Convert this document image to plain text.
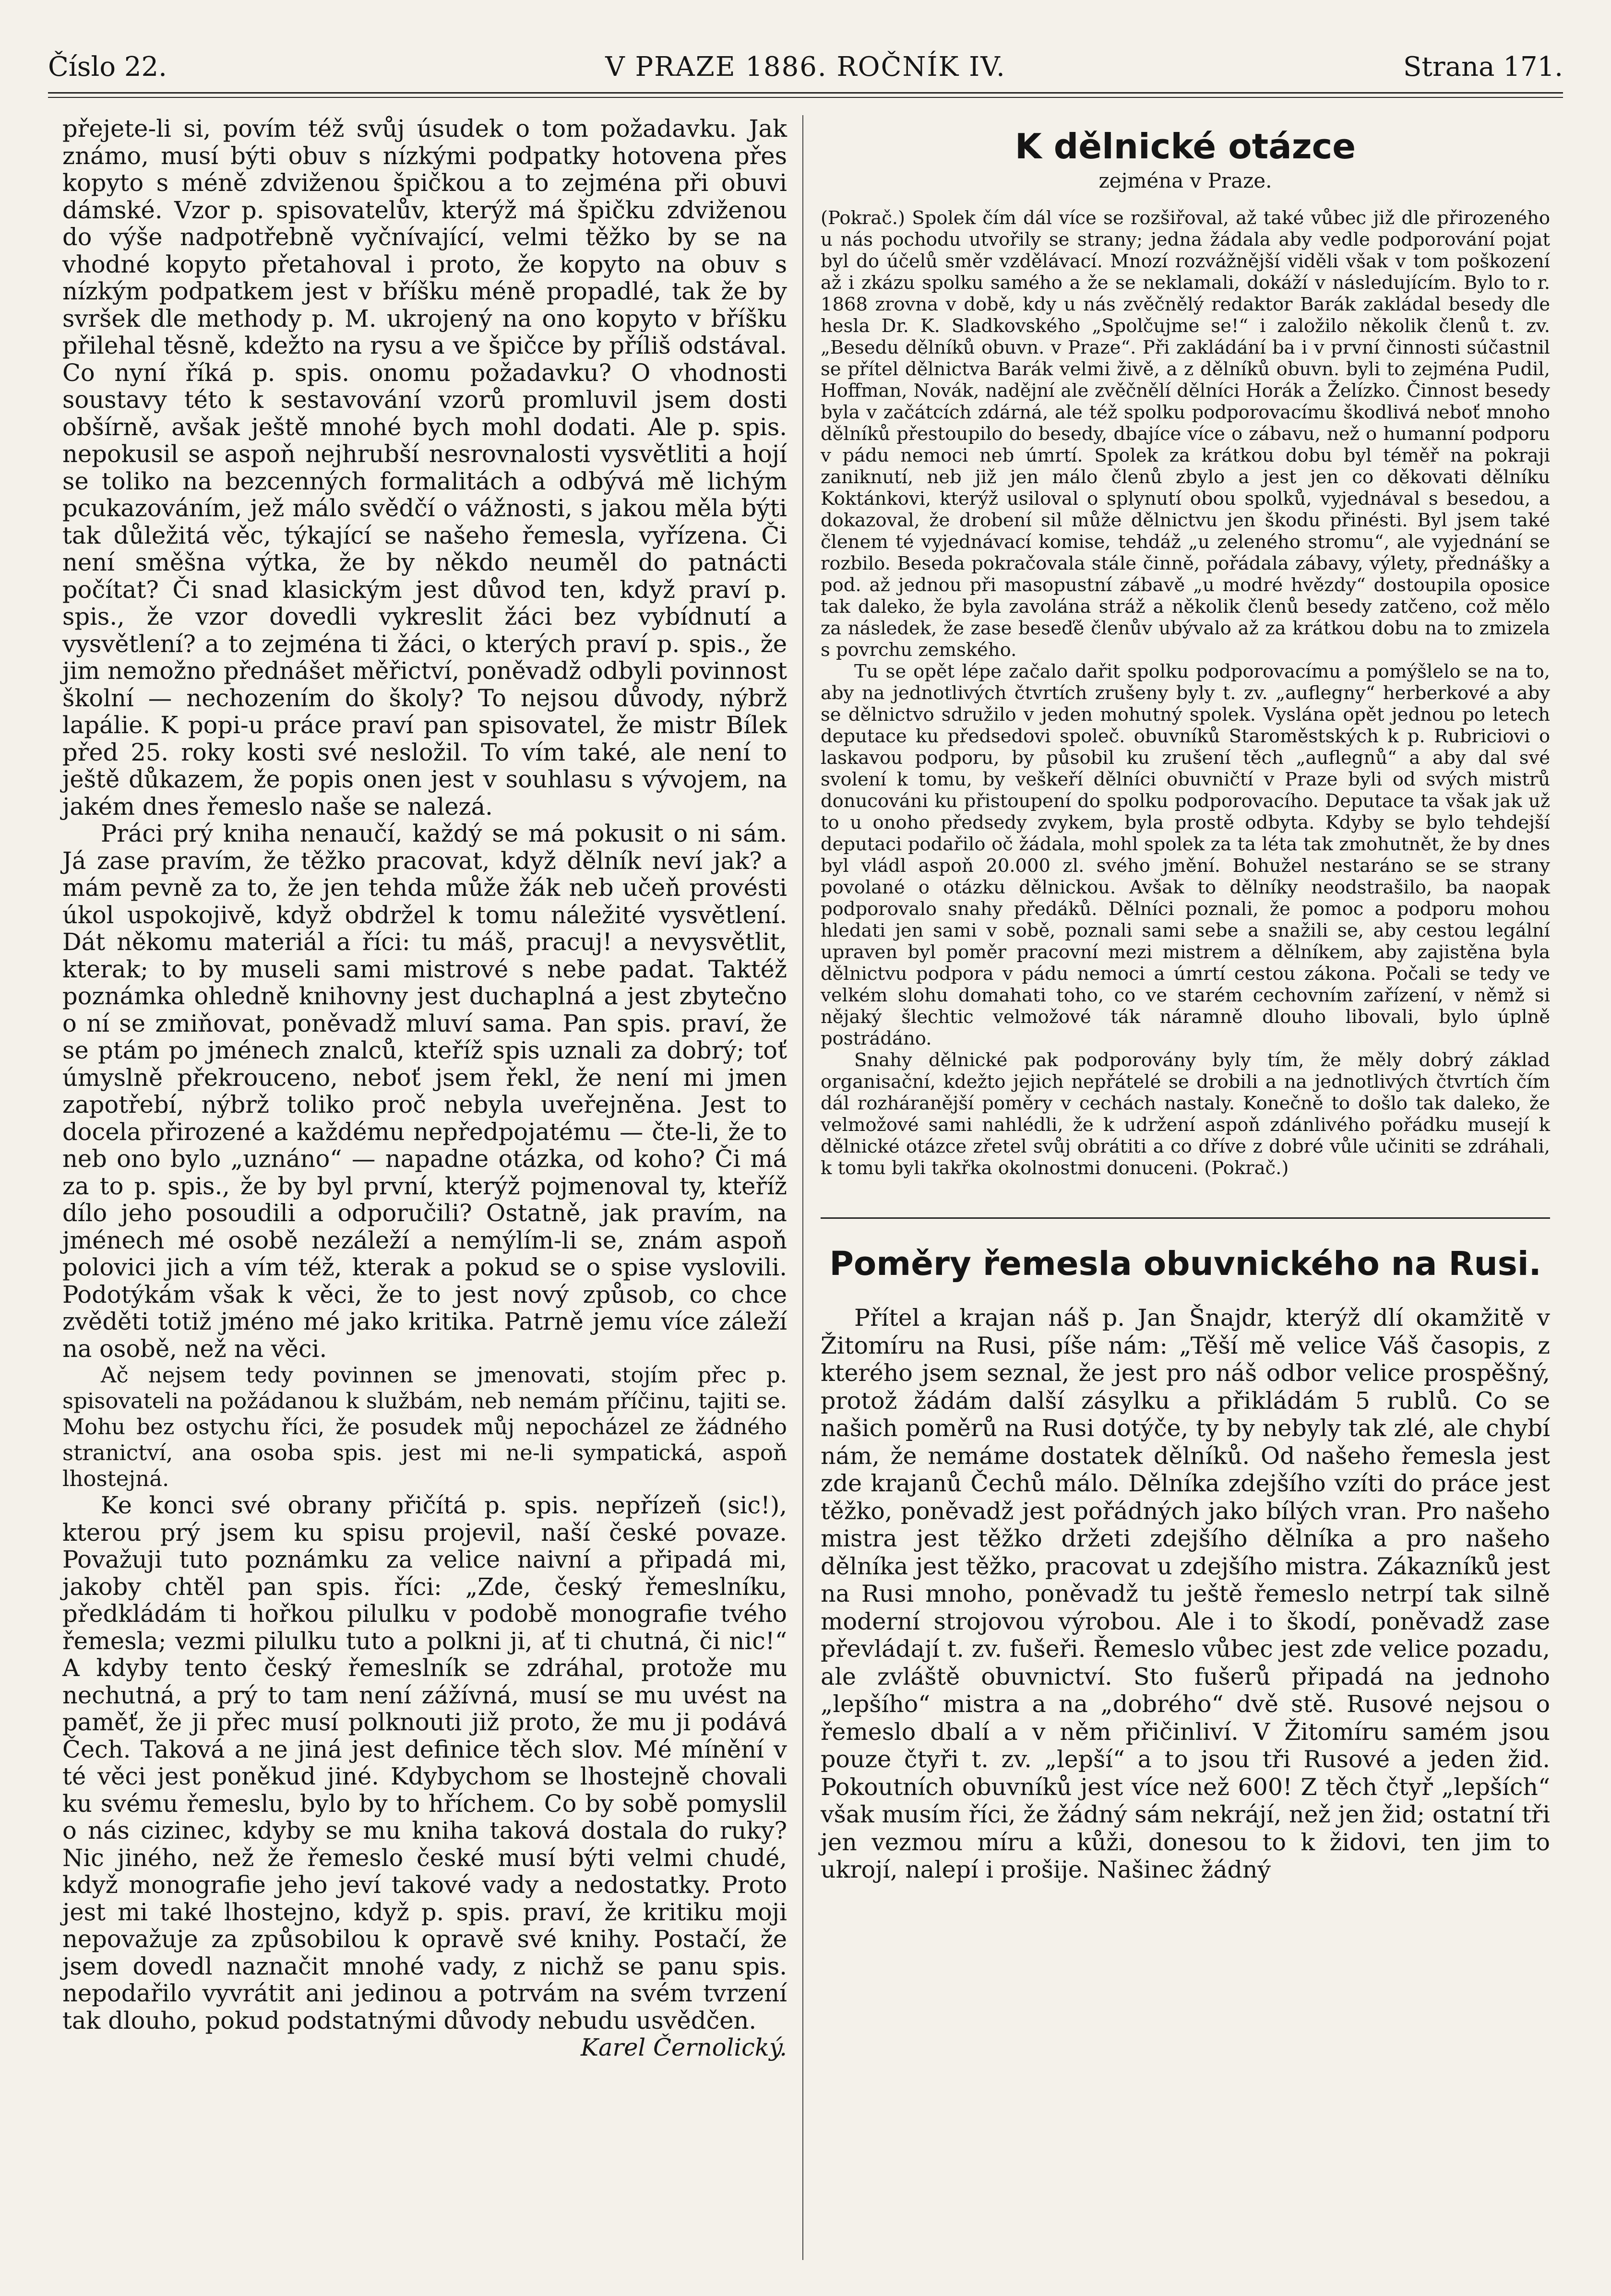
Číslo 22.	V PRAZE 1886. ROČNÍK IV.	Strana 171.

přejete-li si, povím též svůj úsudek o tom požadavku. Jak známo, musí býti obuv s nízkými podpatky hotovena přes kopyto s méně zdviženou špičkou a to zejména při obuvi dámské. Vzor p. spisovatelův, kterýž má špičku zdviženou do výše nadpotřebně vyčnívající, velmi těžko by se na vhodné kopyto přetahoval i proto, že kopyto na obuv s nízkým podpatkem jest v bříšku méně propadlé, tak že by svršek dle methody p. M. ukrojený na ono kopyto v bříšku přilehal těsně, kdežto na rysu a ve špičce by příliš odstával. Co nyní říká p. spis. onomu požadavku? O vhodnosti soustavy této k sestavování vzorů promluvil jsem dosti obšírně, avšak ještě mnohé bych mohl dodati. Ale p. spis. nepokusil se aspoň nejhrubší nesrovnalosti vysvětliti a hojí se toliko na bezcenných formalitách a odbývá mě lichým pcukazováním, jež málo svědčí o vážnosti, s jakou měla býti tak důležitá věc, týkající se našeho řemesla, vyřízena. Či není směšna výtka, že by někdo neuměl do patnácti počítat? Či snad klasickým jest důvod ten, když praví p. spis., že vzor dovedli vykreslit žáci bez vybídnutí a vysvětlení? a to zejména ti žáci, o kterých praví p. spis., že jim nemožno přednášet měřictví, poněvadž odbyli povinnost školní — nechozením do školy? To nejsou důvody, nýbrž lapálie. K popi-u práce praví pan spisovatel, že mistr Bílek před 25. roky kosti své nesložil. To vím také, ale není to ještě důkazem, že popis onen jest v souhlasu s vývojem, na jakém dnes řemeslo naše se nalezá.

Práci prý kniha nenaučí, každý se má pokusit o ni sám. Já zase pravím, že těžko pracovat, když dělník neví jak? a mám pevně za to, že jen tehda může žák neb učeň provésti úkol uspokojivě, když obdržel k tomu náležité vysvětlení. Dát někomu materiál a říci: tu máš, pracuj! a nevysvětlit, kterak; to by museli sami mistrové s nebe padat. Taktéž poznámka ohledně knihovny jest duchaplná a jest zbytečno o ní se zmiňovat, poněvadž mluví sama. Pan spis. praví, že se ptám po jménech znalců, kteříž spis uznali za dobrý; toť úmyslně překrouceno, neboť jsem řekl, že není mi jmen zapotřebí, nýbrž toliko proč nebyla uveřejněna. Jest to docela přirozené a každému nepředpojatému — čte-li, že to neb ono bylo „uznáno“ — napadne otázka, od koho? Či má za to p. spis., že by byl první, kterýž pojmenoval ty, kteříž dílo jeho posoudili a odporučili? Ostatně, jak pravím, na jménech mé osobě nezáleží a nemýlím-li se, znám aspoň polovici jich a vím též, kterak a pokud se o spise vyslovili. Podotýkám však k věci, že to jest nový způsob, co chce zvěděti totiž jméno mé jako kritika. Patrně jemu více záleží na osobě, než na věci.

Ač nejsem tedy povinnen se jmenovati, stojím přec p. spisovateli na požádanou k službám, neb nemám příčinu, tajiti se. Mohu bez ostychu říci, že posudek můj nepocházel ze žádného stranictví, ana osoba spis. jest mi ne-li sympatická, aspoň lhostejná.

Ke konci své obrany přičítá p. spis. nepřízeň (sic!), kterou prý jsem ku spisu projevil, naší české povaze. Považuji tuto poznámku za velice naivní a připadá mi, jakoby chtěl pan spis. říci: „Zde, český řemeslníku, předkládám ti hořkou pilulku v podobě monografie tvého řemesla; vezmi pilulku tuto a polkni ji, ať ti chutná, či nic!“ A kdyby tento český řemeslník se zdráhal, protože mu nechutná, a prý to tam není zážívná, musí se mu uvést na paměť, že ji přec musí polknouti již proto, že mu ji podává Čech. Taková a ne jiná jest definice těch slov. Mé mínění v té věci jest poněkud jiné. Kdybychom se lhostejně chovali ku svému řemeslu, bylo by to hříchem. Co by sobě pomyslil o nás cizinec, kdyby se mu kniha taková dostala do ruky? Nic jiného, než že řemeslo české musí býti velmi chudé, když monografie jeho jeví takové vady a nedostatky. Proto jest mi také lhostejno, když p. spis. praví, že kritiku moji nepovažuje za způsobilou k opravě své knihy. Postačí, že jsem dovedl naznačit mnohé vady, z nichž se panu spis. nepodařilo vyvrátit ani jedinou a potrvám na svém tvrzení tak dlouho, pokud podstatnými důvody nebudu usvědčen.

Karel Černolický.
K dělnické otázce
zejména v Praze.

(Pokrač.) Spolek čím dál více se rozšiřoval, až také vůbec již dle přirozeného u nás pochodu utvořily se strany; jedna žádala aby vedle podporování pojat byl do účelů směr vzdělávací. Mnozí rozvážnější viděli však v tom poškození až i zkázu spolku samého a že se neklamali, dokáží v následujícím. Bylo to r. 1868 zrovna v době, kdy u nás zvěčnělý redaktor Barák zakládal besedy dle hesla Dr. K. Sladkovského „Spolčujme se!“ i založilo několik členů t. zv. „Besedu dělníků obuvn. v Praze“. Při zakládání ba i v první činnosti súčastnil se přítel dělnictva Barák velmi živě, a z dělníků obuvn. byli to zejména Pudil, Hoffman, Novák, nadějní ale zvěčnělí dělníci Horák a Želízko. Činnost besedy byla v začátcích zdárná, ale též spolku podporovacímu škodlivá neboť mnoho dělníků přestoupilo do besedy, dbajíce více o zábavu, než o humanní podporu v pádu nemoci neb úmrtí. Spolek za krátkou dobu byl téměř na pokraji zaniknutí, neb již jen málo členů zbylo a jest jen co děkovati dělníku Koktánkovi, kterýž usiloval o splynutí obou spolků, vyjednával s besedou, a dokazoval, že drobení sil může dělnictvu jen škodu přinésti. Byl jsem také členem té vyjednávací komise, tehdáž „u zeleného stromu“, ale vyjednání se rozbilo. Beseda pokračovala stále činně, pořádala zábavy, výlety, přednášky a pod. až jednou při masopustní zábavě „u modré hvězdy“ dostoupila oposice tak daleko, že byla zavolána stráž a několik členů besedy zatčeno, což mělo za následek, že zase beseďě členův ubývalo až za krátkou dobu na to zmizela s povrchu zemského.

Tu se opět lépe začalo dařit spolku podporovacímu a pomýšlelo se na to, aby na jednotlivých čtvrtích zrušeny byly t. zv. „auflegny“ herberkové a aby se dělnictvo sdružilo v jeden mohutný spolek. Vyslána opět jednou po letech deputace ku předsedovi společ. obuvníků Staroměstských k p. Rubriciovi o laskavou podporu, by působil ku zrušení těch „auflegnů“ a aby dal své svolení k tomu, by veškeří dělníci obuvničtí v Praze byli od svých mistrů donucováni ku přistoupení do spolku podporovacího. Deputace ta však jak už to u onoho předsedy zvykem, byla prostě odbyta. Kdyby se bylo tehdejší deputaci podařilo oč žádala, mohl spolek za ta léta tak zmohutnět, že by dnes byl vládl aspoň 20.000 zl. svého jmění. Bohužel nestaráno se se strany povolané o otázku dělnickou. Avšak to dělníky neodstrašilo, ba naopak podporovalo snahy předáků. Dělníci poznali, že pomoc a podporu mohou hledati jen sami v sobě, poznali sami sebe a snažili se, aby cestou legální upraven byl poměr pracovní mezi mistrem a dělníkem, aby zajistěna byla dělnictvu podpora v pádu nemoci a úmrtí cestou zákona. Počali se tedy ve velkém slohu domahati toho, co ve starém cechovním zařízení, v němž si nějaký šlechtic velmožové ták náramně dlouho libovali, bylo úplně postrádáno.

Snahy dělnické pak podporovány byly tím, že měly dobrý základ organisační, kdežto jejich nepřátelé se drobili a na jednotlivých čtvrtích čím dál rozháranější poměry v cechách nastaly. Konečně to došlo tak daleko, že velmožové sami nahlédli, že k udržení aspoň zdánlivého pořádku musejí k dělnické otázce zřetel svůj obrátiti a co dříve z dobré vůle učiniti se zdráhali, k tomu byli takřka okolnostmi donuceni. (Pokrač.)

Poměry řemesla obuvnického na Rusi.

Přítel a krajan náš p. Jan Šnajdr, kterýž dlí okamžitě v Žitomíru na Rusi, píše nám: „Těší mě velice Váš časopis, z kterého jsem seznal, že jest pro náš odbor velice prospěšný, protož žádám další zásylku a přikládám 5 rublů. Co se našich poměrů na Rusi dotýče, ty by nebyly tak zlé, ale chybí nám, že nemáme dostatek dělníků. Od našeho řemesla jest zde krajanů Čechů málo. Dělníka zdejšího vzíti do práce jest těžko, poněvadž jest pořádných jako bílých vran. Pro našeho mistra jest těžko držeti zdejšího dělníka a pro našeho dělníka jest těžko, pracovat u zdejšího mistra. Zákazníků jest na Rusi mnoho, poněvadž tu ještě řemeslo netrpí tak silně moderní strojovou výrobou. Ale i to škodí, poněvadž zase převládají t. zv. fušeři. Řemeslo vůbec jest zde velice pozadu, ale zvláště obuvnictví. Sto fušerů připadá na jednoho „lepšího“ mistra a na „dobrého“ dvě stě. Rusové nejsou o řemeslo dbalí a v něm přičinliví. V Žitomíru samém jsou pouze čtyři t. zv. „lepší“ a to jsou tři Rusové a jeden žid. Pokoutních obuvníků jest více než 600! Z těch čtyř „lepších“ však musím říci, že žádný sám nekrájí, než jen žid; ostatní tři jen vezmou míru a kůži, donesou to k židovi, ten jim to ukrojí, nalepí i prošije. Našinec žádný
